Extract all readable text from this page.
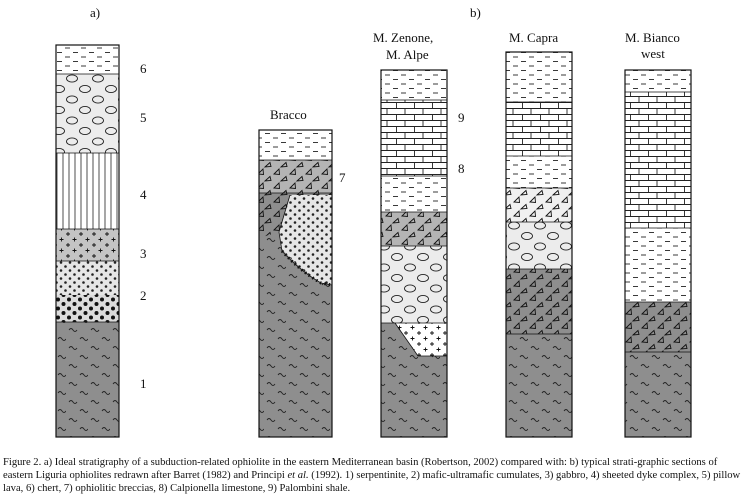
a)	b)
6
5
4
3
2
1
Bracco
7
M. Zenone,
M. Alpe
9
8
M. Capra	M. Bianco
west
Figure 2. a) Ideal stratigraphy of a subduction-related ophiolite in the eastern Mediterranean basin (Robertson, 2002) compared with: b) typical strati-graphic sections of eastern Liguria ophiolites redrawn after Barret (1982) and Principi et al. (1992). 1) serpentinite, 2) mafic-ultramafic cumulates, 3) gabbro, 4) sheeted dyke complex, 5) pillow lava, 6) chert, 7) ophiolitic breccias, 8) Calpionella limestone, 9) Palombini shale.
